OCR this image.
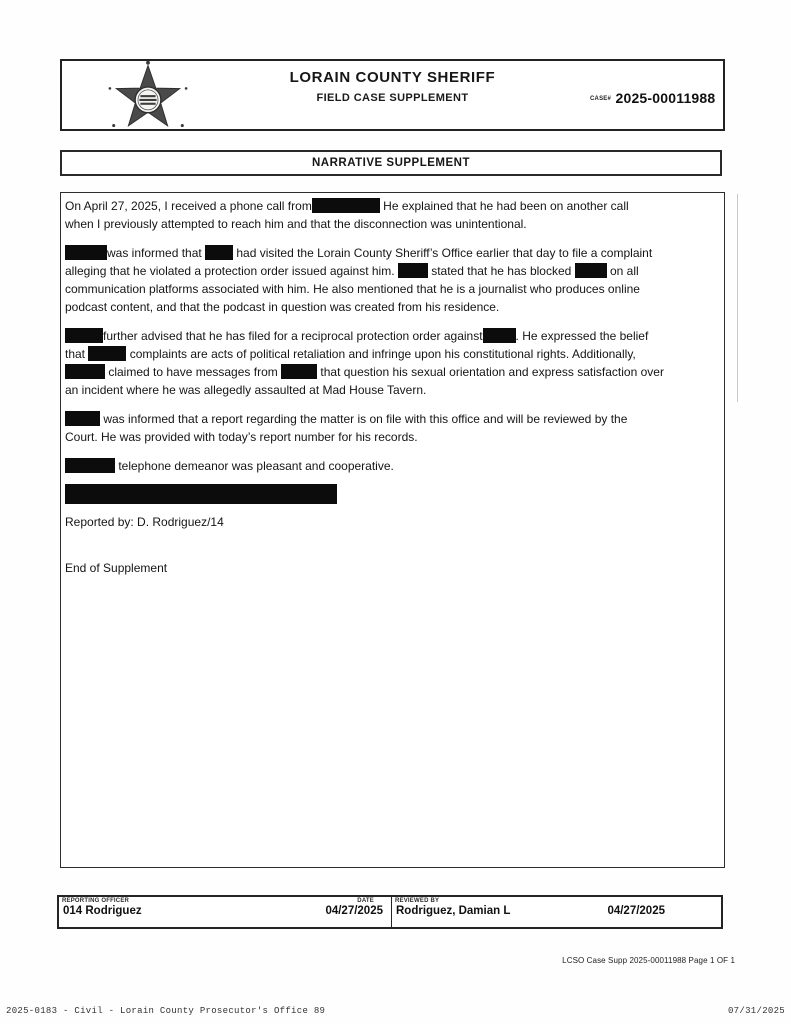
LORAIN COUNTY SHERIFF
FIELD CASE SUPPLEMENT	CASE# 2025-00011988
NARRATIVE SUPPLEMENT

On April 27, 2025, I received a phone call from	He explained that he had been on another call
when I previously attempted to reach him and that the disconnection was unintentional.

was informed that  had visited the Lorain County Sheriff’s Office earlier that day to file a complaint
alleging that he violated a protection order issued against him.	stated that he has blocked	on all
communication platforms associated with him. He also mentioned that he is a journalist who produces online
podcast content, and that the podcast in question was created from his residence.

further advised that he has filed for a reciprocal protection order against	. He expressed the belief
that	complaints are acts of political retaliation and infringe upon his constitutional rights. Additionally,
claimed to have messages from	that question his sexual orientation and express satisfaction over
an incident where he was allegedly assaulted at Mad House Tavern.

was informed that a report regarding the matter is on file with this office and will be reviewed by the
Court. He was provided with today’s report number for his records.

telephone demeanor was pleasant and cooperative.

Reported by: D. Rodriguez/14

End of Supplement

REPORTING OFFICER	DATE
014 Rodriguez	04/27/2025
REVIEWED BY
Rodriguez, Damian L	04/27/2025
LCSO Case Supp 2025-00011988 Page 1 OF 1
2025-0183 - Civil - Lorain County Prosecutor's Office 89	07/31/2025
